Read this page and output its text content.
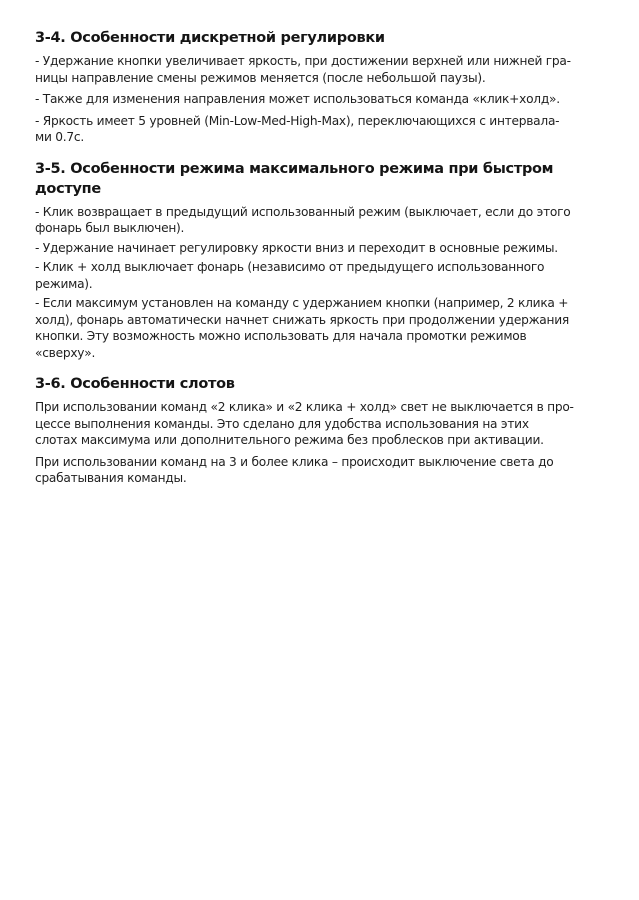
3-4. Особенности дискретной регулировки
- Удержание кнопки увеличивает яркость, при достижении верхней или нижней гра-
ницы направление смены режимов меняется (после небольшой паузы).
- Также для изменения направления может использоваться команда «клик+холд».
- Яркость имеет 5 уровней (Min-Low-Med-High-Max), переключающихся с интервала-
ми 0.7с.
3-5. Особенности режима максимального режима при быстром доступе
- Клик возвращает в предыдущий использованный режим (выключает, если до этого
фонарь был выключен).
- Удержание начинает регулировку яркости вниз и переходит в основные режимы.
- Клик + холд выключает фонарь (независимо от предыдущего использованного
режима).
- Если максимум установлен на команду с удержанием кнопки (например, 2 клика +
холд), фонарь автоматически начнет снижать яркость при продолжении удержания
кнопки. Эту возможность можно использовать для начала промотки режимов
«сверху».
3-6. Особенности слотов
При использовании команд «2 клика» и «2 клика + холд» свет не выключается в про-
цессе выполнения команды. Это сделано для удобства использования на этих
слотах максимума или дополнительного режима без проблесков при активации.
При использовании команд на 3 и более клика – происходит выключение света до
срабатывания команды.
